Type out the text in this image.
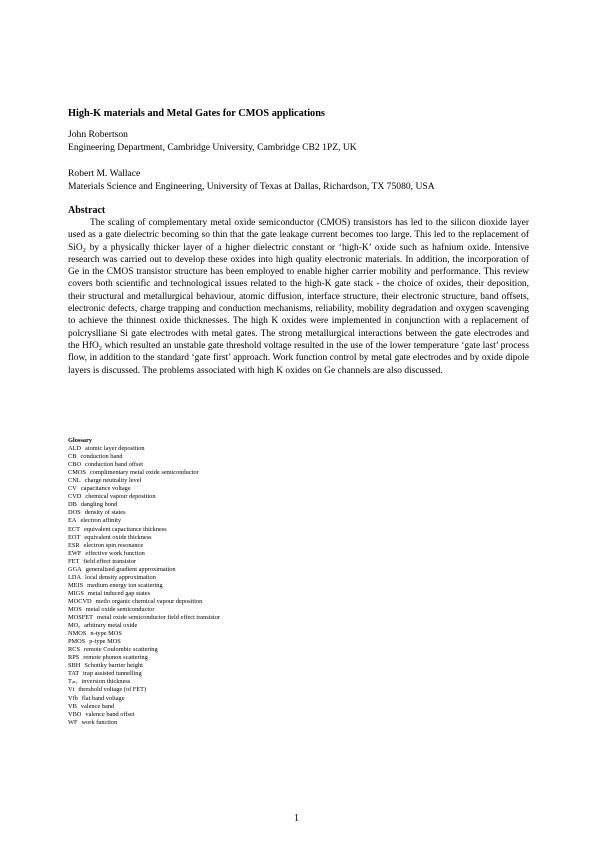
High-K materials and Metal Gates for CMOS applications
John Robertson
Engineering Department, Cambridge University, Cambridge CB2 1PZ, UK
Robert M. Wallace
Materials Science and Engineering, University of Texas at Dallas, Richardson, TX 75080, USA
Abstract

The scaling of complementary metal oxide semiconductor (CMOS) transistors has led to the silicon dioxide layer used as a gate dielectric becoming so thin that the gate leakage current becomes too large. This led to the replacement of SiO₂ by a physically thicker layer of a higher dielectric constant or ‘high-K’ oxide such as hafnium oxide. Intensive research was carried out to develop these oxides into high quality electronic materials. In addition, the incorporation of Ge in the CMOS transistor structure has been employed to enable higher carrier mobility and performance. This review covers both scientific and technological issues related to the high-K gate stack - the choice of oxides, their deposition, their structural and metallurgical behaviour, atomic diffusion, interface structure, their electronic structure, band offsets, electronic defects, charge trapping and conduction mechanisms, reliability, mobility degradation and oxygen scavenging to achieve the thinnest oxide thicknesses. The high K oxides were implemented in conjunction with a replacement of polcryslliane Si gate electrodes with metal gates. The strong metallurgical interactions between the gate electrodes and the HfO₂ which resulted an unstable gate threshold voltage resulted in the use of the lower temperature ‘gate last’ process flow, in addition to the standard ‘gate first’ approach. Work function control by metal gate electrodes and by oxide dipole layers is discussed. The problems associated with high K oxides on Ge channels are also discussed.

Glossary
ALD atomic layer deposition
CB conduction band
CBO conduction band offset
CMOS complimentary metal oxide semiconductor
CNL charge neutrality level
CV capacitance voltage
CVD chemical vapour deposition
DB dangling bond
DOS density of states
EA electron affinity
ECT equivalent capacitance thickness
EOT equivalent oxide thickness
ESR electron spin resonance
EWF effective work function
FET field effect transistor
GGA generalised gradient approximation
LDA local density approximation
MEIS medium energy ion scattering
MIGS metal induced gap states
MOCVD metlo organic chemical vapour deposition
MOS metal oxide semiconductor
MOSFET metal oxide semiconductor field effect transistor
MOₓ arbitrary metal oxide
NMOS n-type MOS
PMOS p-type MOS
RCS remote Coulombic scattering
RPS remote phonon scattering
SBH Schottky barrier height
TAT trap assisted tunnelling
Tᵢₙᵥ inversion thickness
Vt threshold voltage (of FET)
Vfb flat band voltage
VB valence band
VBO valence band offset
WF work function
1
